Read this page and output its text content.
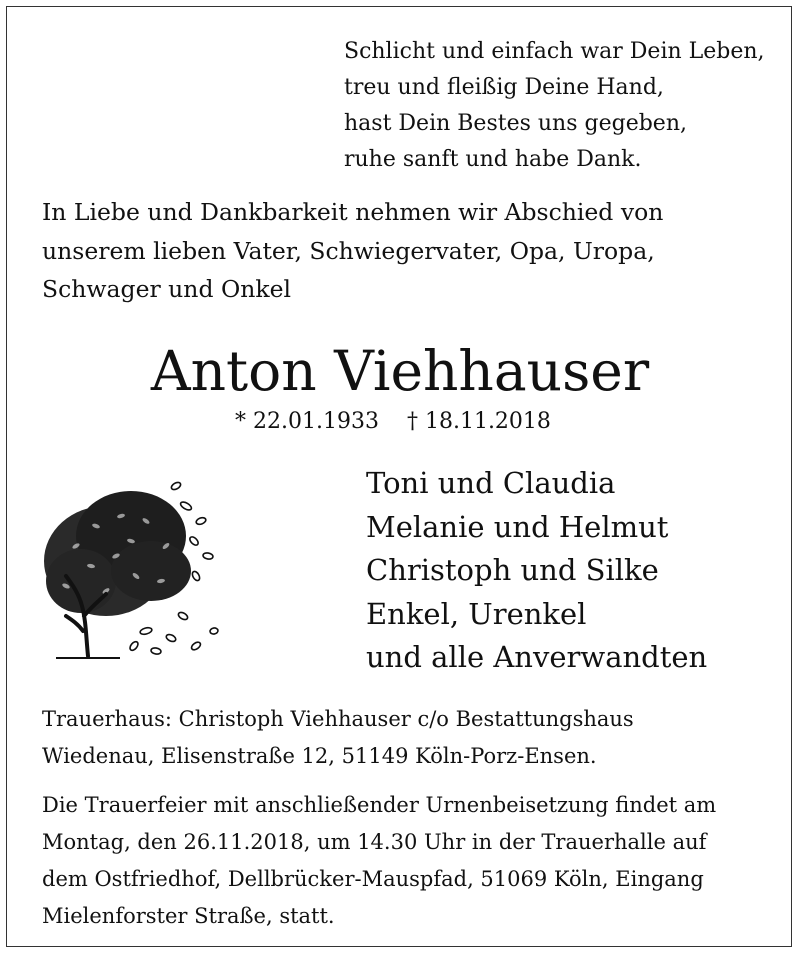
Schlicht und einfach war Dein Leben,
treu und fleißig Deine Hand,
hast Dein Bestes uns gegeben,
ruhe sanft und habe Dank.
In Liebe und Dankbarkeit nehmen wir Abschied von
unserem lieben Vater, Schwiegervater, Opa, Uropa,
Schwager und Onkel
Anton Viehhauser
* 22.01.1933 † 18.11.2018
Toni und Claudia
Melanie und Helmut
Christoph und Silke
Enkel, Urenkel
und alle Anverwandten
Trauerhaus: Christoph Viehhauser c/o Bestattungshaus
Wiedenau, Elisenstraße 12, 51149 Köln-Porz-Ensen.
Die Trauerfeier mit anschließender Urnenbeisetzung findet am
Montag, den 26.11.2018, um 14.30 Uhr in der Trauerhalle auf
dem Ostfriedhof, Dellbrücker-Mauspfad, 51069 Köln, Eingang
Mielenforster Straße, statt.
